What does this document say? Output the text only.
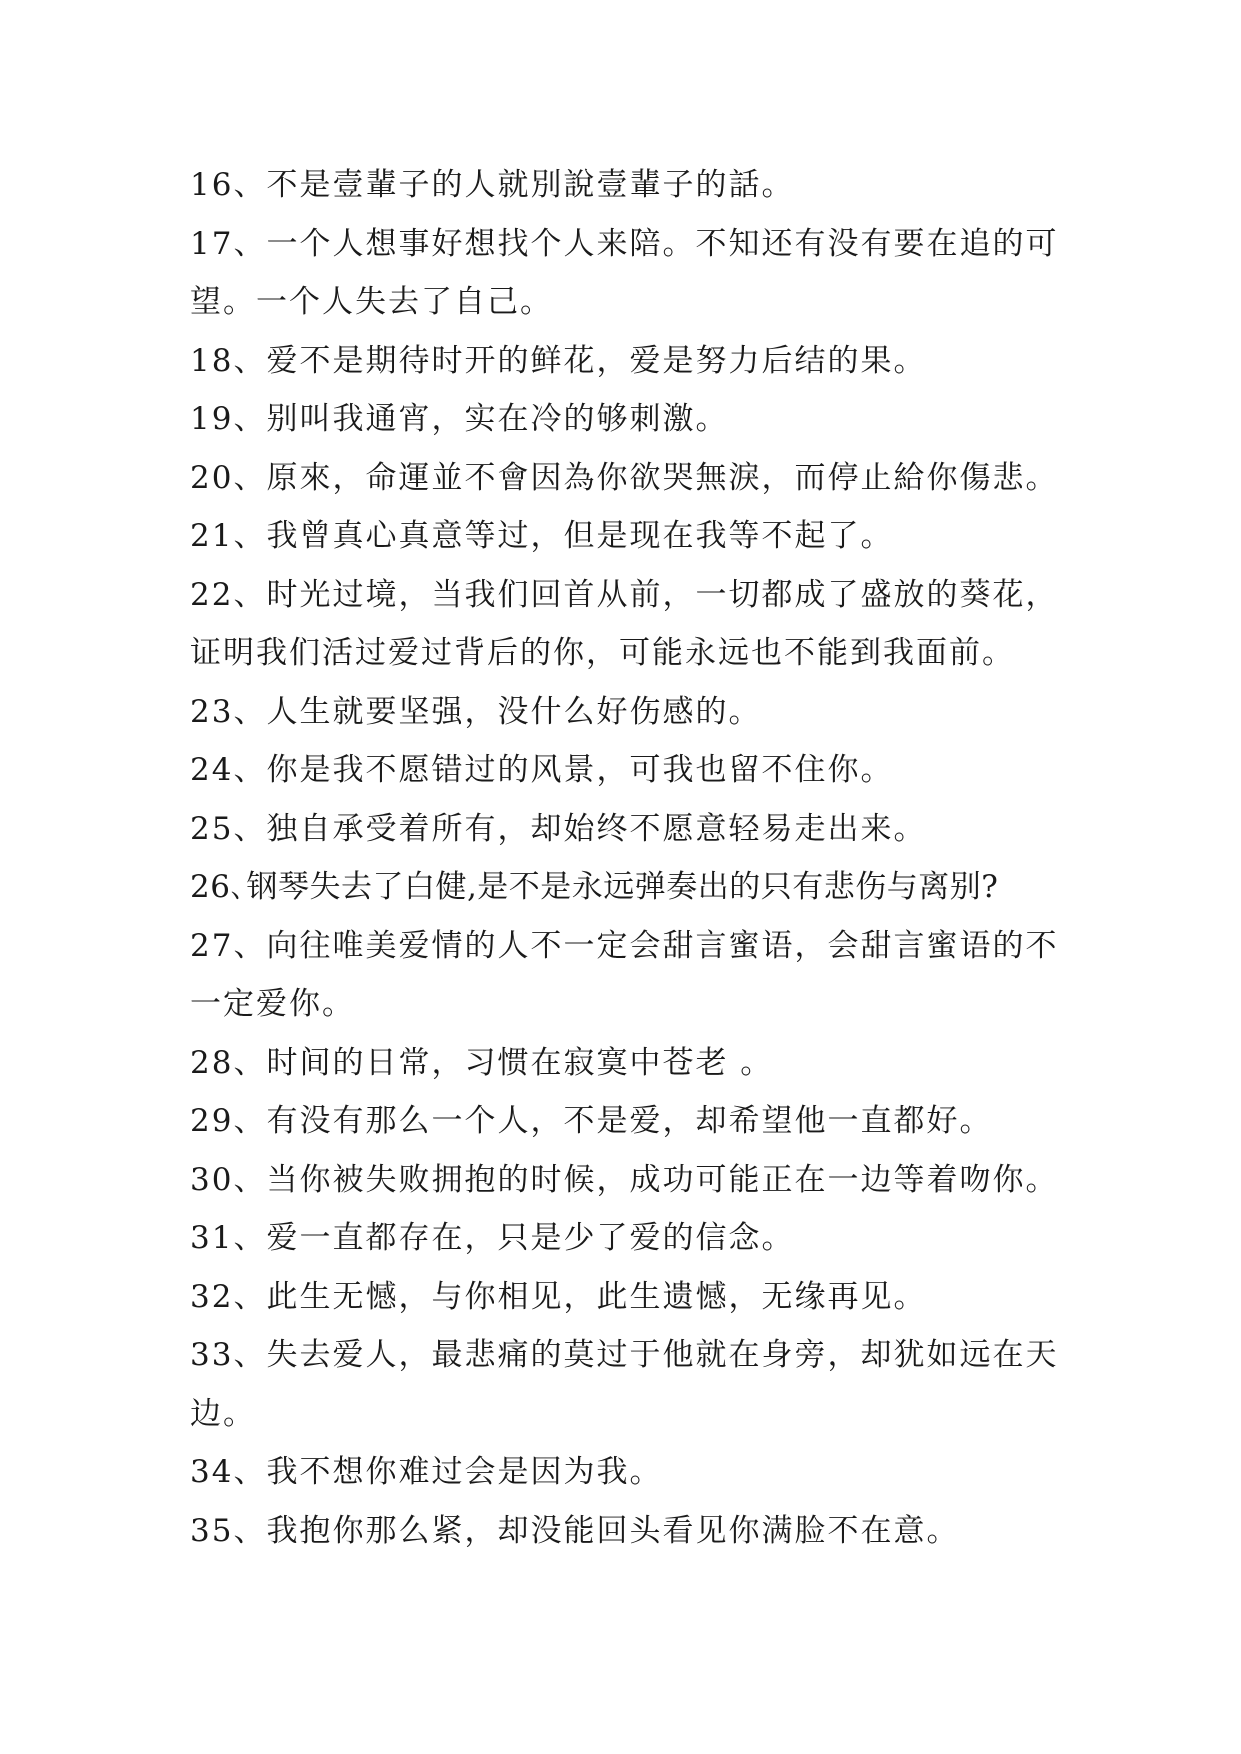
16、不是壹輩子的人就別說壹輩子的話。
17、一个人想事好想找个人来陪。不知还有没有要在追的可
望。一个人失去了自己。
18、爱不是期待时开的鲜花，爱是努力后结的果。
19、别叫我通宵，实在冷的够刺激。
20、原來，命運並不會因為你欲哭無淚，而停止給你傷悲。
21、我曾真心真意等过，但是现在我等不起了。
22、时光过境，当我们回首从前，一切都成了盛放的葵花，
证明我们活过爱过背后的你，可能永远也不能到我面前。
23、人生就要坚强，没什么好伤感的。
24、你是我不愿错过的风景，可我也留不住你。
25、独自承受着所有，却始终不愿意轻易走出来。
26､钢琴失去了白健,是不是永远弹奏出的只有悲伤与离别?
27、向往唯美爱情的人不一定会甜言蜜语，会甜言蜜语的不
一定爱你。
28、时间的日常，习惯在寂寞中苍老 。
29、有没有那么一个人，不是爱，却希望他一直都好。
30、当你被失败拥抱的时候，成功可能正在一边等着吻你。
31、爱一直都存在，只是少了爱的信念。
32、此生无憾，与你相见，此生遗憾，无缘再见。
33、失去爱人，最悲痛的莫过于他就在身旁，却犹如远在天
边。
34、我不想你难过会是因为我。
35、我抱你那么紧，却没能回头看见你满脸不在意。
